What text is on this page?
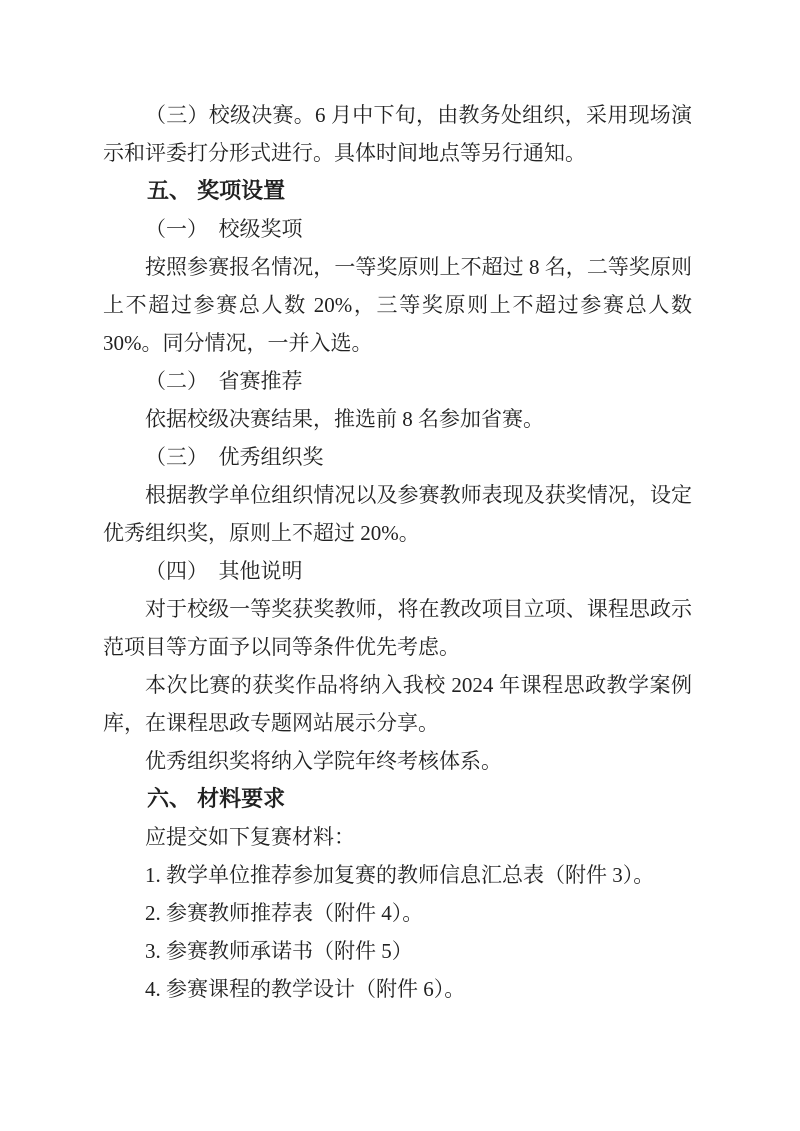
（三）校级决赛。6 月中下旬，由教务处组织，采用现场演示和评委打分形式进行。具体时间地点等另行通知。

五、 奖项设置

（一）　校级奖项

按照参赛报名情况，一等奖原则上不超过 8 名，二等奖原则上不超过参赛总人数 20%，三等奖原则上不超过参赛总人数 30%。同分情况，一并入选。

（二）　省赛推荐

依据校级决赛结果，推选前 8 名参加省赛。

（三）　优秀组织奖

根据教学单位组织情况以及参赛教师表现及获奖情况，设定优秀组织奖，原则上不超过 20%。

（四）　其他说明

对于校级一等奖获奖教师，将在教改项目立项、课程思政示范项目等方面予以同等条件优先考虑。

本次比赛的获奖作品将纳入我校 2024 年课程思政教学案例库，在课程思政专题网站展示分享。

优秀组织奖将纳入学院年终考核体系。

六、 材料要求

应提交如下复赛材料：

1. 教学单位推荐参加复赛的教师信息汇总表（附件 3）。

2. 参赛教师推荐表（附件 4）。

3. 参赛教师承诺书（附件 5）

4. 参赛课程的教学设计（附件 6）。
